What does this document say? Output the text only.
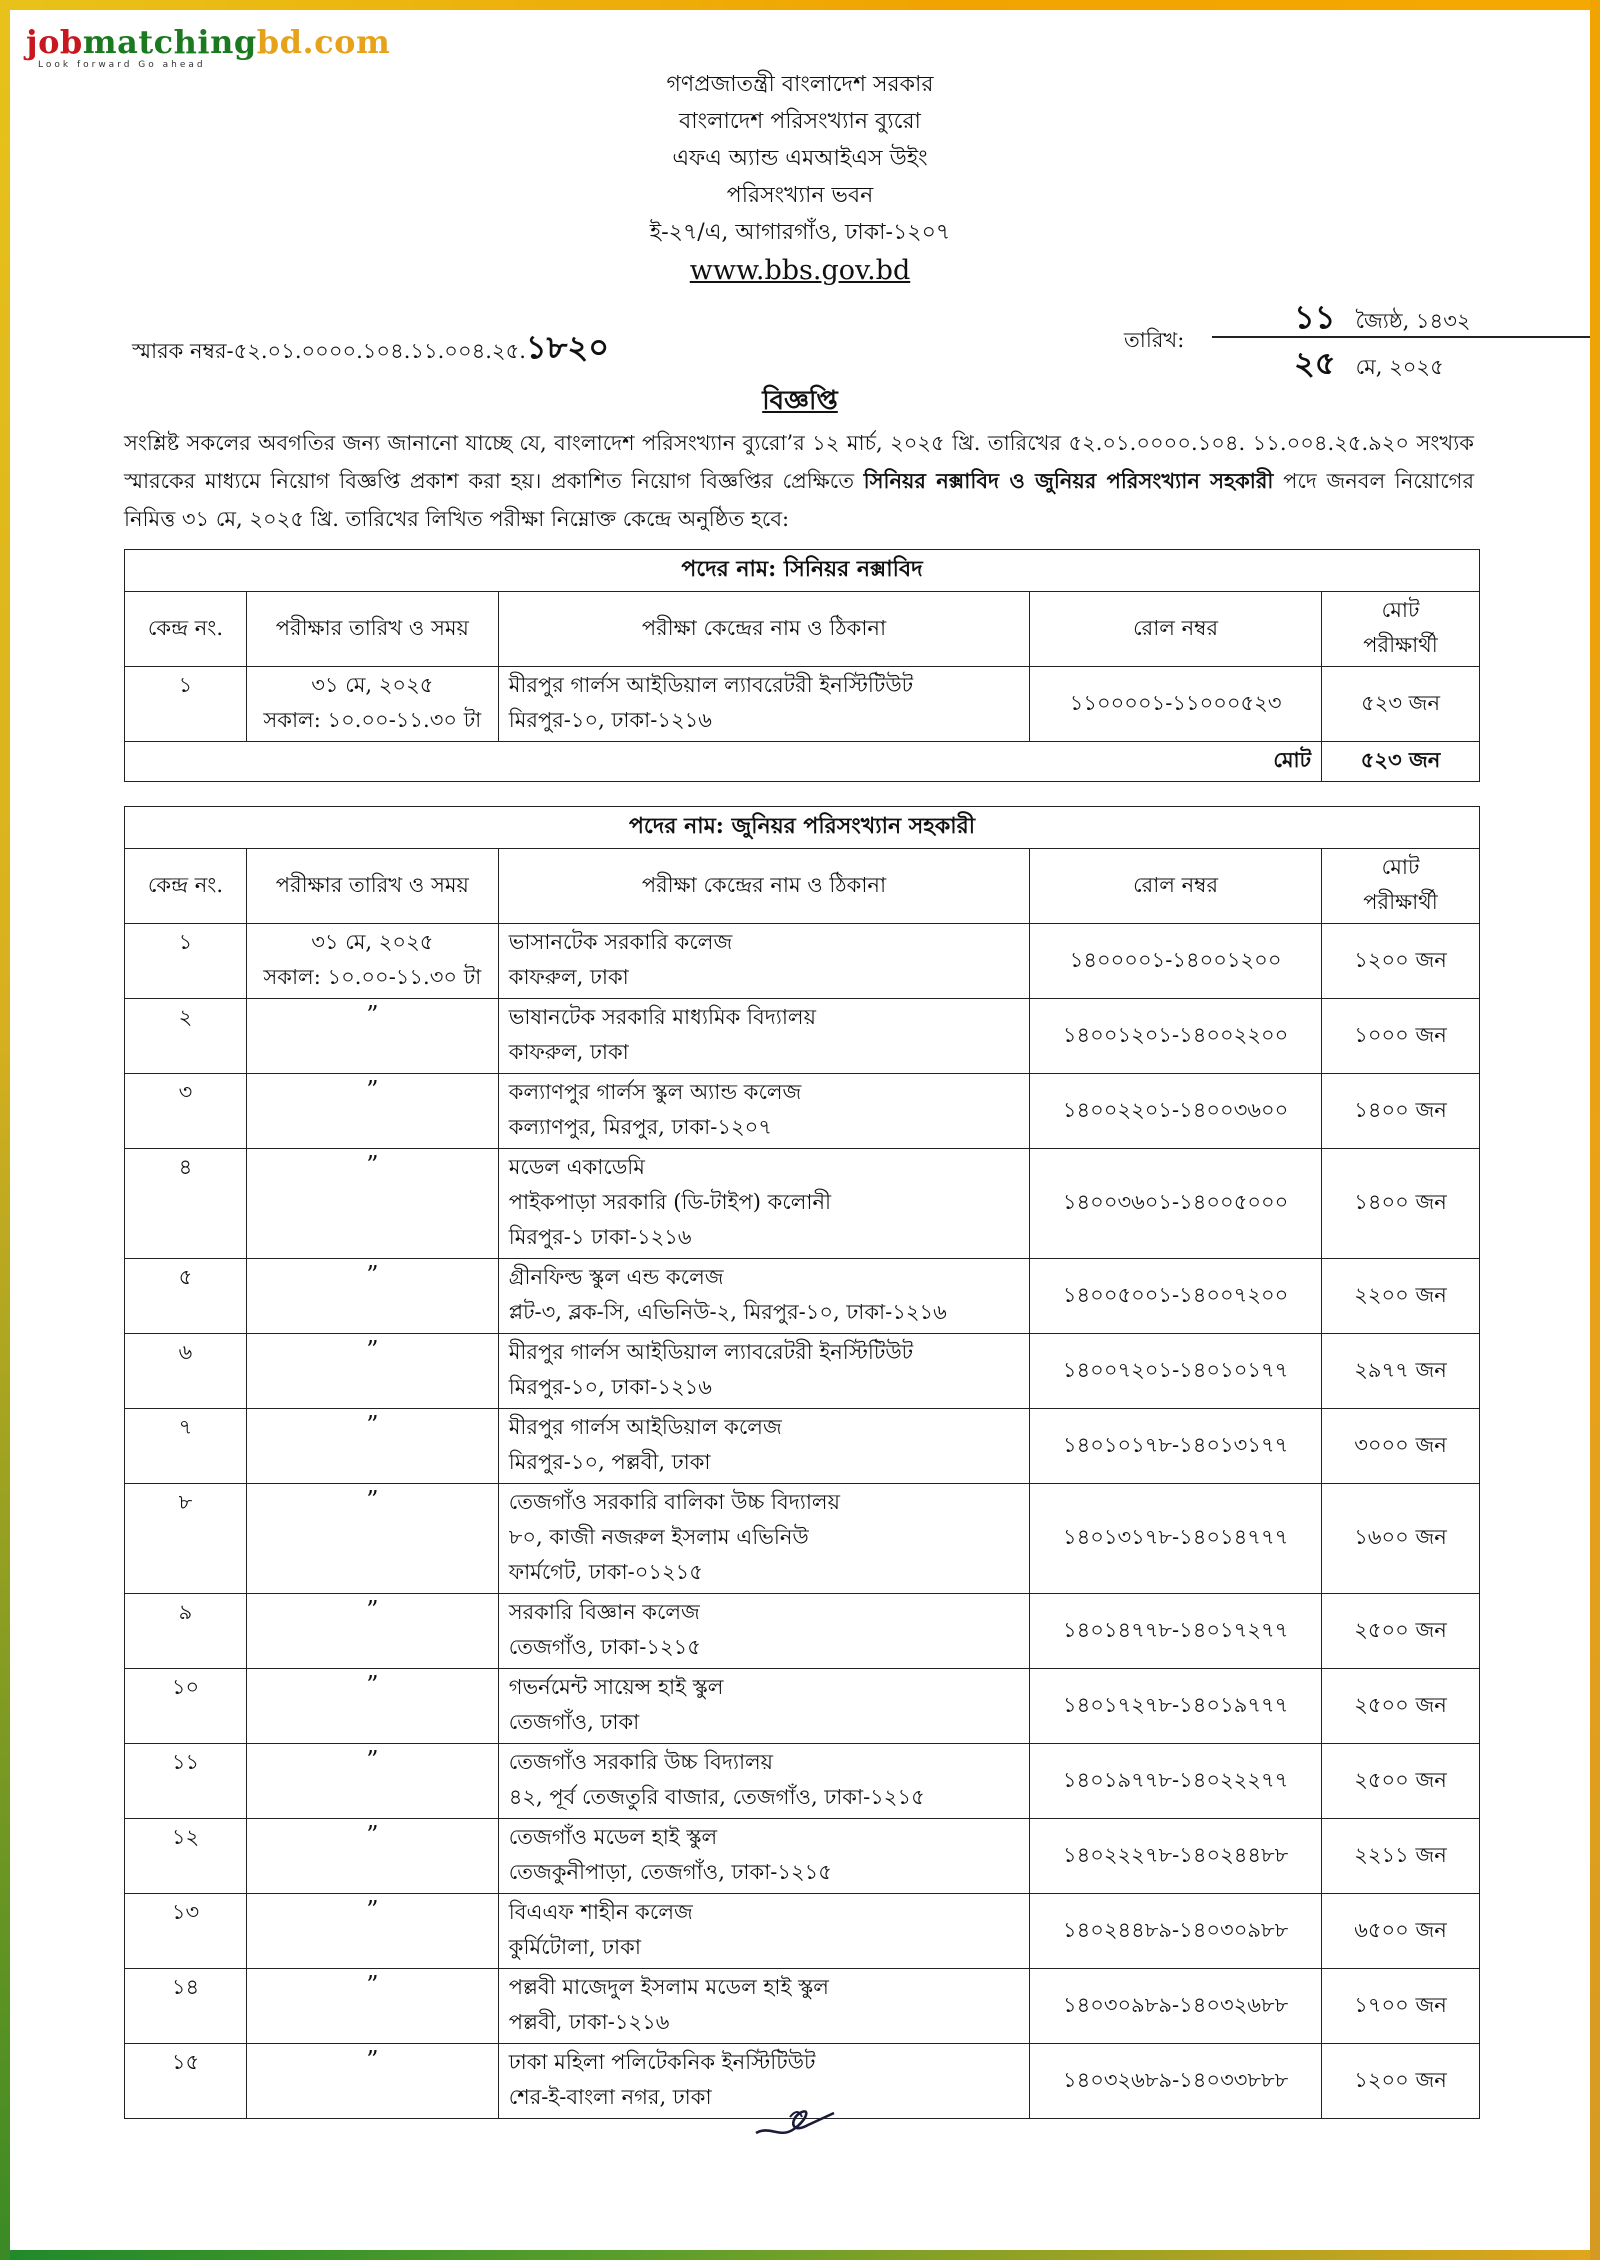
jobmatchingbd.com
Look forward Go ahead
গণপ্রজাতন্ত্রী বাংলাদেশ সরকার
বাংলাদেশ পরিসংখ্যান ব্যুরো
এফএ অ্যান্ড এমআইএস উইং
পরিসংখ্যান ভবন
ই-২৭/এ, আগারগাঁও, ঢাকা-১২০৭
www.bbs.gov.bd
স্মারক নম্বর-৫২.০১.০০০০.১০৪.১১.০০৪.২৫.১৮২০	তারিখ:
১১ জ্যৈষ্ঠ, ১৪৩২
২৫ মে, ২০২৫
বিজ্ঞপ্তি
সংশ্লিষ্ট সকলের অবগতির জন্য জানানো যাচ্ছে যে, বাংলাদেশ পরিসংখ্যান ব্যুরো’র ১২ মার্চ, ২০২৫ খ্রি. তারিখের ৫২.০১.০০০০.১০৪. ১১.০০৪.২৫.৯২০ সংখ্যক স্মারকের মাধ্যমে নিয়োগ বিজ্ঞপ্তি প্রকাশ করা হয়। প্রকাশিত নিয়োগ বিজ্ঞপ্তির প্রেক্ষিতে সিনিয়র নক্সাবিদ ও জুনিয়র পরিসংখ্যান সহকারী পদে জনবল নিয়োগের নিমিত্ত ৩১ মে, ২০২৫ খ্রি. তারিখের লিখিত পরীক্ষা নিম্নোক্ত কেন্দ্রে অনুষ্ঠিত হবে:
পদের নাম: সিনিয়র নক্সাবিদ				
কেন্দ্র নং.	পরীক্ষার তারিখ ও সময়	পরীক্ষা কেন্দ্রের নাম ও ঠিকানা	রোল নম্বর	মোট
পরীক্ষার্থী
১	৩১ মে, ২০২৫
সকাল: ১০.০০-১১.৩০ টা	মীরপুর গার্লস আইডিয়াল ল্যাবরেটরী ইনস্টিটিউট
মিরপুর-১০, ঢাকা-১২১৬	১১০০০০১-১১০০০৫২৩	৫২৩ জন
মোট				৫২৩ জন
পদের নাম: জুনিয়র পরিসংখ্যান সহকারী				
কেন্দ্র নং.	পরীক্ষার তারিখ ও সময়	পরীক্ষা কেন্দ্রের নাম ও ঠিকানা	রোল নম্বর	মোট
পরীক্ষার্থী
১	৩১ মে, ২০২৫
সকাল: ১০.০০-১১.৩০ টা	ভাসানটেক সরকারি কলেজ
কাফরুল, ঢাকা	১৪০০০০১-১৪০০১২০০	১২০০ জন
২	”	ভাষানটেক সরকারি মাধ্যমিক বিদ্যালয়
কাফরুল, ঢাকা	১৪০০১২০১-১৪০০২২০০	১০০০ জন
৩	”	কল্যাণপুর গার্লস স্কুল অ্যান্ড কলেজ
কল্যাণপুর, মিরপুর, ঢাকা-১২০৭	১৪০০২২০১-১৪০০৩৬০০	১৪০০ জন
৪	”	মডেল একাডেমি
পাইকপাড়া সরকারি (ডি-টাইপ) কলোনী
মিরপুর-১ ঢাকা-১২১৬	১৪০০৩৬০১-১৪০০৫০০০	১৪০০ জন
৫	”	গ্রীনফিল্ড স্কুল এন্ড কলেজ
প্লট-৩, ব্লক-সি, এভিনিউ-২, মিরপুর-১০, ঢাকা-১২১৬	১৪০০৫০০১-১৪০০৭২০০	২২০০ জন
৬	”	মীরপুর গার্লস আইডিয়াল ল্যাবরেটরী ইনস্টিটিউট
মিরপুর-১০, ঢাকা-১২১৬	১৪০০৭২০১-১৪০১০১৭৭	২৯৭৭ জন
৭	”	মীরপুর গার্লস আইডিয়াল কলেজ
মিরপুর-১০, পল্লবী, ঢাকা	১৪০১০১৭৮-১৪০১৩১৭৭	৩০০০ জন
৮	”	তেজগাঁও সরকারি বালিকা উচ্চ বিদ্যালয়
৮০, কাজী নজরুল ইসলাম এভিনিউ
ফার্মগেট, ঢাকা-০১২১৫	১৪০১৩১৭৮-১৪০১৪৭৭৭	১৬০০ জন
৯	”	সরকারি বিজ্ঞান কলেজ
তেজগাঁও, ঢাকা-১২১৫	১৪০১৪৭৭৮-১৪০১৭২৭৭	২৫০০ জন
১০	”	গভর্নমেন্ট সায়েন্স হাই স্কুল
তেজগাঁও, ঢাকা	১৪০১৭২৭৮-১৪০১৯৭৭৭	২৫০০ জন
১১	”	তেজগাঁও সরকারি উচ্চ বিদ্যালয়
৪২, পূর্ব তেজতুরি বাজার, তেজগাঁও, ঢাকা-১২১৫	১৪০১৯৭৭৮-১৪০২২২৭৭	২৫০০ জন
১২	”	তেজগাঁও মডেল হাই স্কুল
তেজকুনীপাড়া, তেজগাঁও, ঢাকা-১২১৫	১৪০২২২৭৮-১৪০২৪৪৮৮	২২১১ জন
১৩	”	বিএএফ শাহীন কলেজ
কুর্মিটোলা, ঢাকা	১৪০২৪৪৮৯-১৪০৩০৯৮৮	৬৫০০ জন
১৪	”	পল্লবী মাজেদুল ইসলাম মডেল হাই স্কুল
পল্লবী, ঢাকা-১২১৬	১৪০৩০৯৮৯-১৪০৩২৬৮৮	১৭০০ জন
১৫	”	ঢাকা মহিলা পলিটেকনিক ইনস্টিটিউট
শের-ই-বাংলা নগর, ঢাকা	১৪০৩২৬৮৯-১৪০৩৩৮৮৮	১২০০ জন
